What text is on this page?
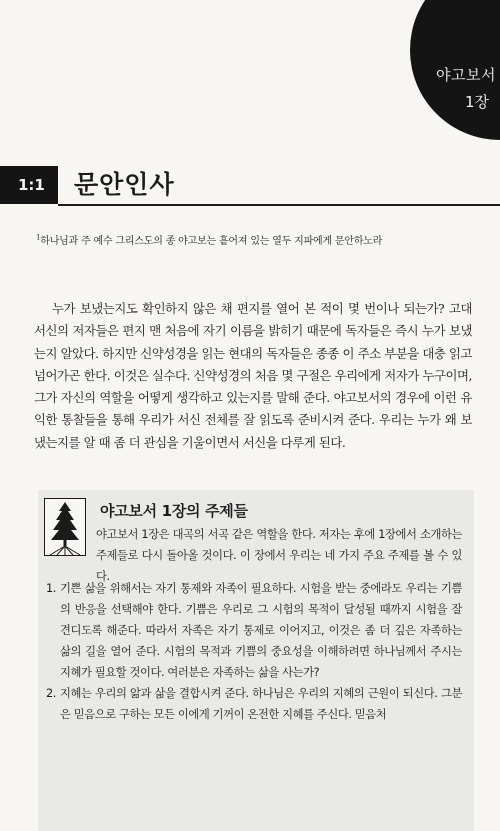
야고보서
1장
1:1	문안인사
$^1$하나님과 주 예수 그리스도의 종 야고보는 흩어져 있는 열두 지파에게 문안하노라
누가 보냈는지도 확인하지 않은 채 편지를 열어 본 적이 몇 번이나 되는가? 고대 서신의 저자들은 편지 맨 처음에 자기 이름을 밝히기 때문에 독자들은 즉시 누가 보냈는지 알았다. 하지만 신약성경을 읽는 현대의 독자들은 종종 이 주소 부분을 대충 읽고 넘어가곤 한다. 이것은 실수다. 신약성경의 처음 몇 구절은 우리에게 저자가 누구이며, 그가 자신의 역할을 어떻게 생각하고 있는지를 말해 준다. 야고보서의 경우에 이런 유익한 통찰들을 통해 우리가 서신 전체를 잘 읽도록 준비시켜 준다. 우리는 누가 왜 보냈는지를 알 때 좀 더 관심을 기울이면서 서신을 다루게 된다.
야고보서 1장의 주제들
야고보서 1장은 대곡의 서곡 같은 역할을 한다. 저자는 후에 1장에서 소개하는 주제들로 다시 돌아올 것이다. 이 장에서 우리는 네 가지 주요 주제를 볼 수 있다.
1. 기쁜 삶을 위해서는 자기 통제와 자족이 필요하다. 시험을 받는 중에라도 우리는 기쁨의 반응을 선택해야 한다. 기쁨은 우리로 그 시험의 목적이 달성될 때까지 시험을 잘 견디도록 해준다. 따라서 자족은 자기 통제로 이어지고, 이것은 좀 더 깊은 자족하는 삶의 길을 열어 준다. 시험의 목적과 기쁨의 중요성을 이해하려면 하나님께서 주시는 지혜가 필요할 것이다. 여러분은 자족하는 삶을 사는가?
2. 지혜는 우리의 앎과 삶을 결합시켜 준다. 하나님은 우리의 지혜의 근원이 되신다. 그분은 믿음으로 구하는 모든 이에게 기꺼이 온전한 지혜를 주신다. 믿음처
